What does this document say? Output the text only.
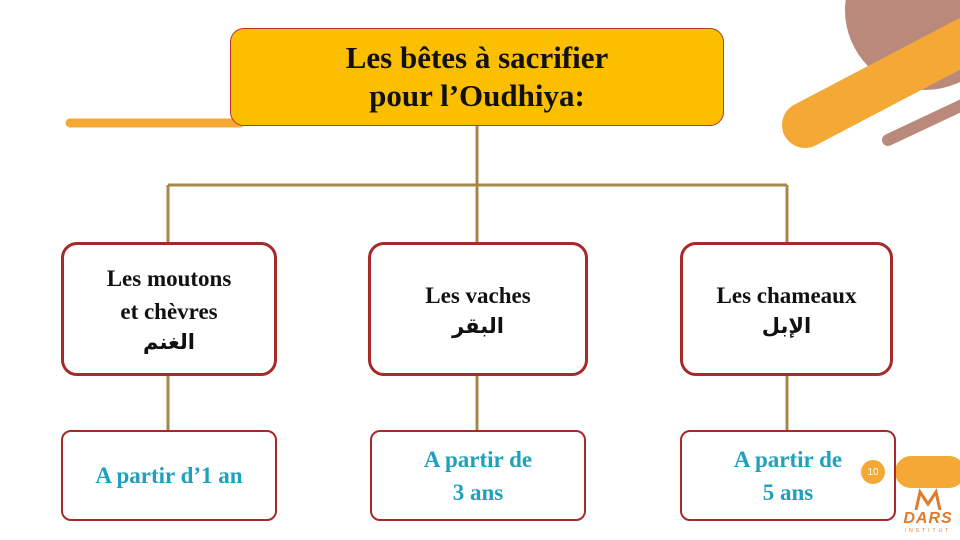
Les bêtes à sacrifier
pour l’Oudhiya:
Les moutons
et chèvres
الغنم
Les vaches
البقر
Les chameaux
الإبل
A partir d’1 an
A partir de
3 ans
A partir de
5 ans
10
DARS
INSTITUT
